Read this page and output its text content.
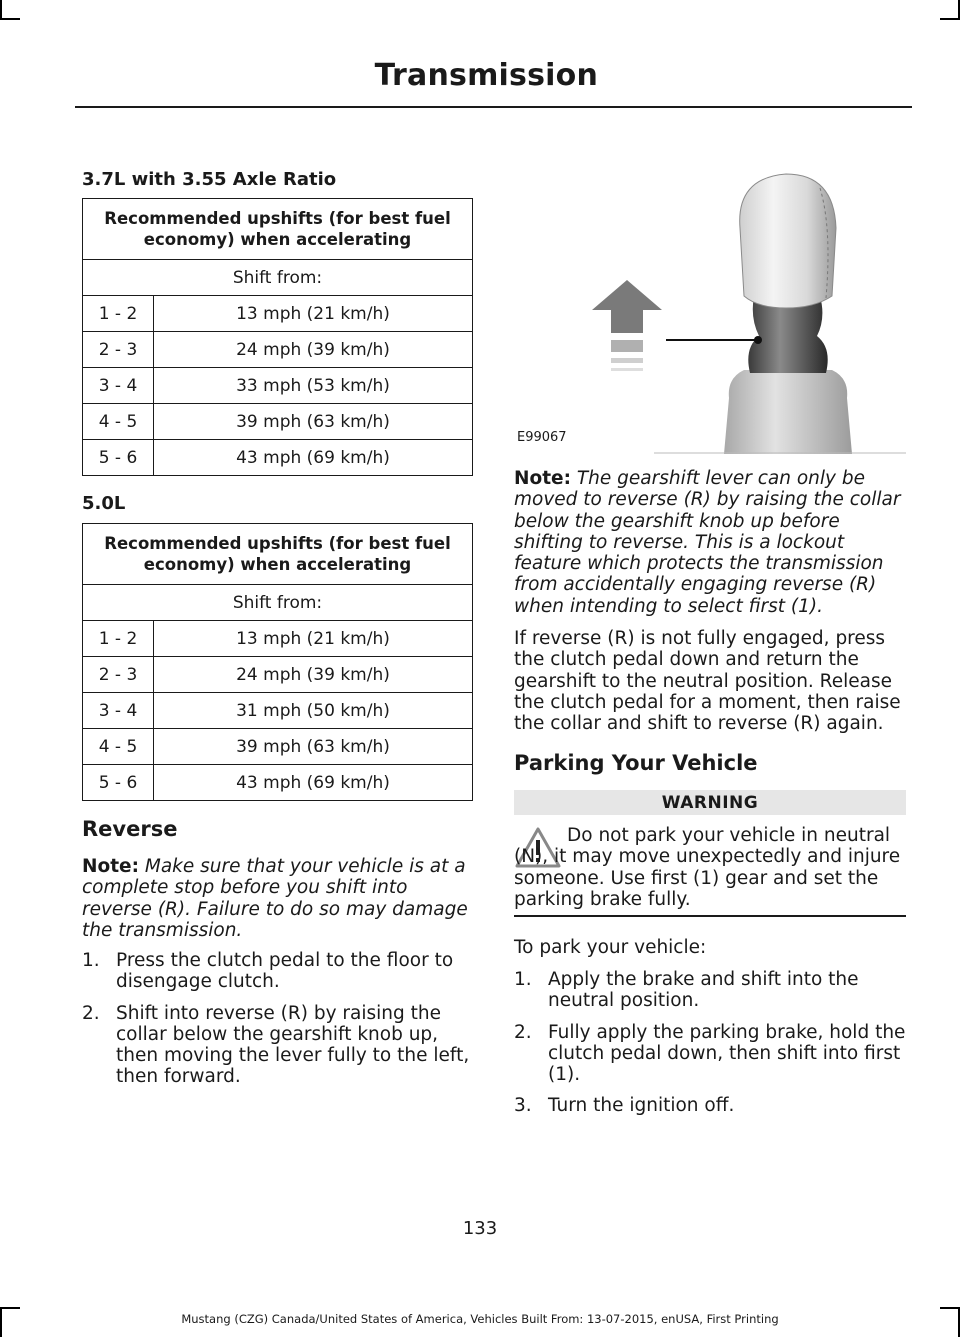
Transmission
3.7L with 3.55 Axle Ratio
Recommended upshifts (for best fuel economy) when accelerating	
Shift from:	
1 - 2	13 mph (21 km/h)
2 - 3	24 mph (39 km/h)
3 - 4	33 mph (53 km/h)
4 - 5	39 mph (63 km/h)
5 - 6	43 mph (69 km/h)
5.0L
Recommended upshifts (for best fuel economy) when accelerating	
Shift from:	
1 - 2	13 mph (21 km/h)
2 - 3	24 mph (39 km/h)
3 - 4	31 mph (50 km/h)
4 - 5	39 mph (63 km/h)
5 - 6	43 mph (69 km/h)
Reverse

Note: Make sure that your vehicle is at a complete stop before you shift into reverse (R). Failure to do so may damage the transmission.

1. Press the clutch pedal to the floor to disengage clutch.
2. Shift into reverse (R) by raising the collar below the gearshift knob up, then moving the lever fully to the left, then forward.
E99067

Note: The gearshift lever can only be moved to reverse (R) by raising the collar below the gearshift knob up before shifting to reverse. This is a lockout feature which protects the transmission from accidentally engaging reverse (R) when intending to select first (1).

If reverse (R) is not fully engaged, press the clutch pedal down and return the gearshift to the neutral position. Release the clutch pedal for a moment, then raise the collar and shift to reverse (R) again.

Parking Your Vehicle
WARNING

Do not park your vehicle in neutral (N), it may move unexpectedly and injure someone. Use first (1) gear and set the parking brake fully.

To park your vehicle:

1. Apply the brake and shift into the neutral position.
2. Fully apply the parking brake, hold the clutch pedal down, then shift into first (1).
3. Turn the ignition off.
133
Mustang (CZG) Canada/United States of America, Vehicles Built From: 13-07-2015, enUSA, First Printing
